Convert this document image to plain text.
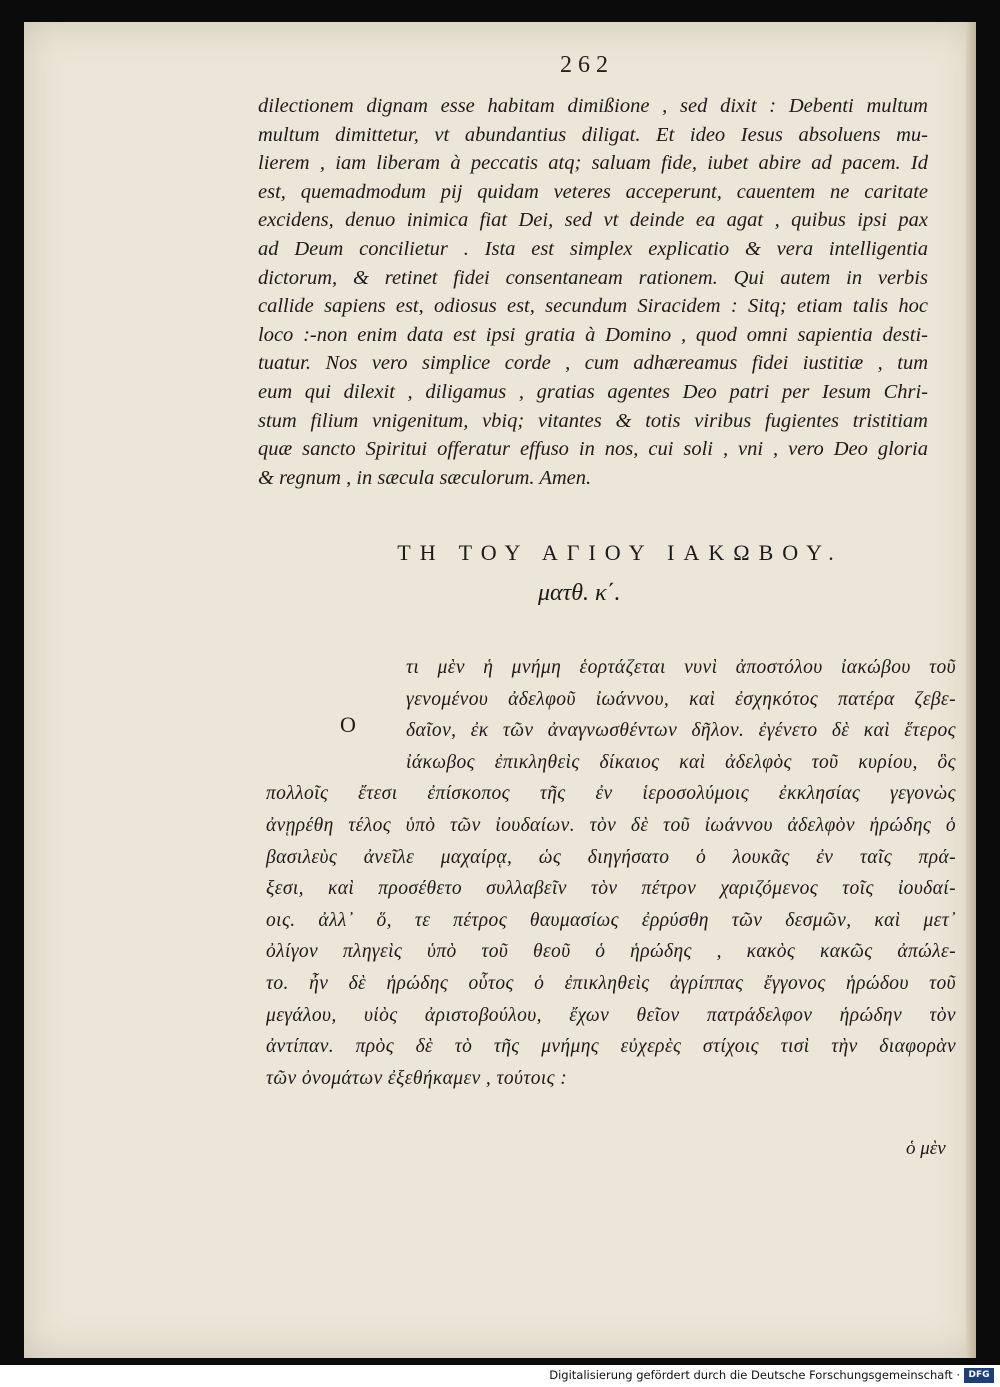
262
dilectionem dignam esse habitam dimißione , sed dixit : Debenti multum
multum dimittetur, vt abundantius diligat. Et ideo Iesus absoluens mu-
lierem , iam liberam à peccatis atq; saluam fide, iubet abire ad pacem. Id
est, quemadmodum pij quidam veteres acceperunt, cauentem ne caritate
excidens, denuo inimica fiat Dei, sed vt deinde ea agat , quibus ipsi pax
ad Deum concilietur . Ista est simplex explicatio & vera intelligentia
dictorum, & retinet fidei consentaneam rationem. Qui autem in verbis
callide sapiens est, odiosus est, secundum Siracidem : Sitq; etiam talis hoc
loco :-non enim data est ipsi gratia à Domino , quod omni sapientia desti-
tuatur. Nos vero simplice corde , cum adhæreamus fidei iustitiæ , tum
eum qui dilexit , diligamus , gratias agentes Deo patri per Iesum Chri-
stum filium vnigenitum, vbiq; vitantes & totis viribus fugientes tristitiam
quæ sancto Spiritui offeratur effuso in nos, cui soli , vni , vero Deo gloria
& regnum , in sæcula sæculorum. Amen.
ΤΗ ΤΟΥ ΑΓΙΟΥ ΙΑΚΩΒΟΥ.
ματθ. κ΄.
Ο
τι μὲν ἡ μνήμη ἑορτάζεται νυνὶ ἀποστόλου ἰακώβου τοῦ
γενομένου ἀδελφοῦ ἰωάννου, καὶ ἐσχηκότος πατέρα ζεβε-
δαῖον, ἐκ τῶν ἀναγνωσθέντων δῆλον. ἐγένετο δὲ καὶ ἕτερος
ἰάκωβος ἐπικληθεὶς δίκαιος καὶ ἀδελφὸς τοῦ κυρίου, ὃς
πολλοῖς ἔτεσι ἐπίσκοπος τῆς ἐν ἱεροσολύμοις ἐκκλησίας γεγονὼς
ἀνῃρέθη τέλος ὑπὸ τῶν ἰουδαίων. τὸν δὲ τοῦ ἰωάννου ἀδελφὸν ἡρώδης ὁ
βασιλεὺς ἀνεῖλε μαχαίρᾳ, ὡς διηγήσατο ὁ λουκᾶς ἐν ταῖς πρά-
ξεσι, καὶ προσέθετο συλλαβεῖν τὸν πέτρον χαριζόμενος τοῖς ἰουδαί-
οις. ἀλλ᾽ ὅ, τε πέτρος θαυμασίως ἐρρύσθη τῶν δεσμῶν, καὶ μετ᾽
ὀλίγον πληγεὶς ὑπὸ τοῦ θεοῦ ὁ ἡρώδης , κακὸς κακῶς ἀπώλε-
το. ἦν δὲ ἡρώδης οὗτος ὁ ἐπικληθεὶς ἀγρίππας ἔγγονος ἡρώδου τοῦ
μεγάλου, υἱὸς ἀριστοβούλου, ἔχων θεῖον πατράδελφον ἡρώδην τὸν
ἀντίπαν. πρὸς δὲ τὸ τῆς μνήμης εὐχερὲς στίχοις τισὶ τὴν διαφορὰν
τῶν ὀνομάτων ἐξεθήκαμεν , τούτοις :
ὁ μὲν
Digitalisierung gefördert durch die Deutsche Forschungsgemeinschaft · DFG
